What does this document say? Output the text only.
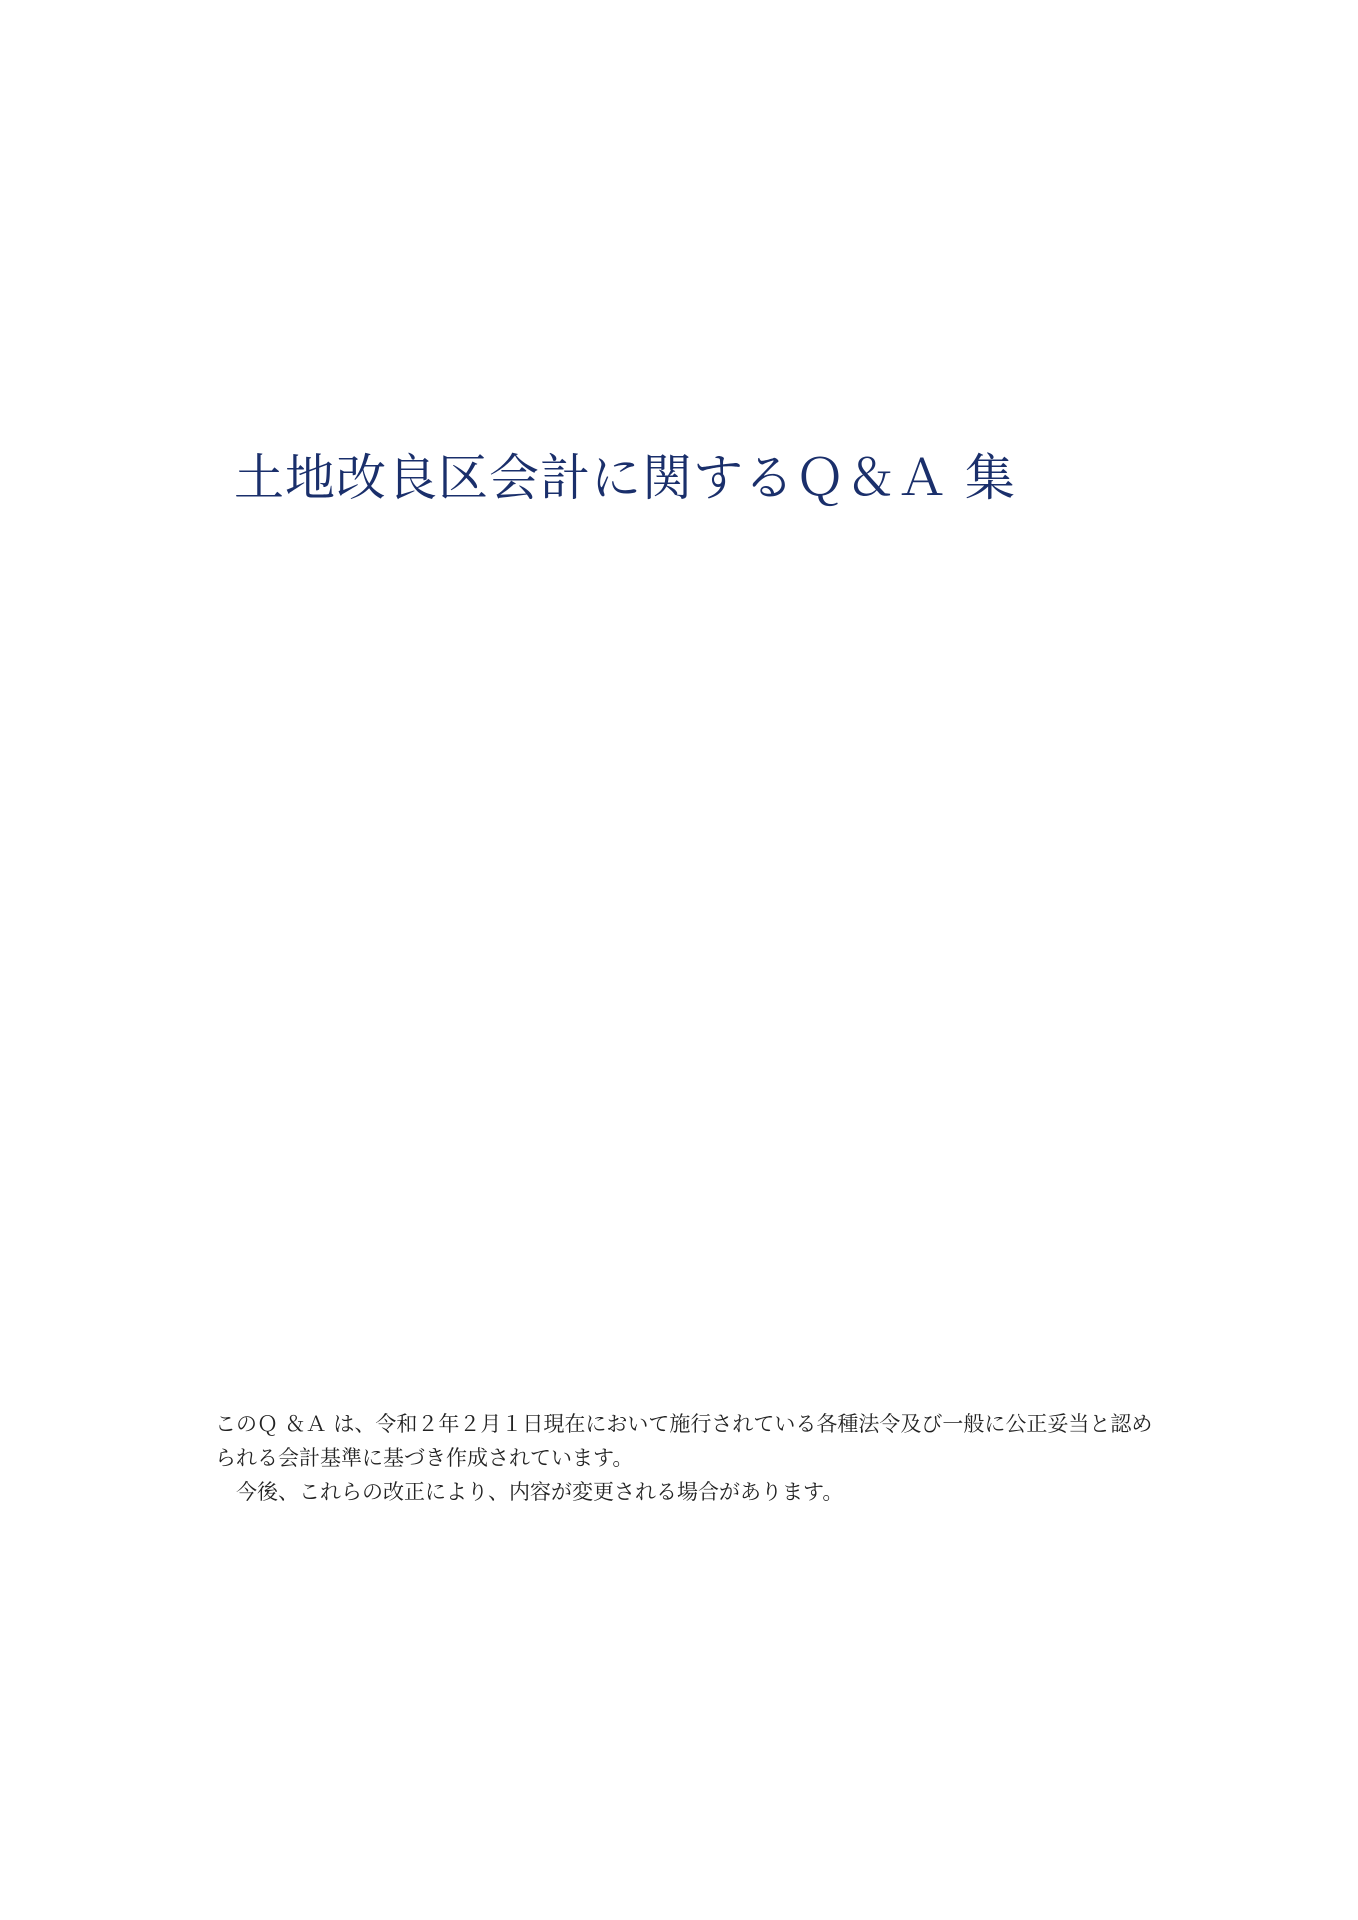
土地改良区会計に関するＱ＆Ａ 集

このＱ ＆Ａ は、令和２年２月１日現在において施行されている各種法令及び一般に公正妥当と認め

られる会計基準に基づき作成されています。

今後、これらの改正により、内容が変更される場合があります。
